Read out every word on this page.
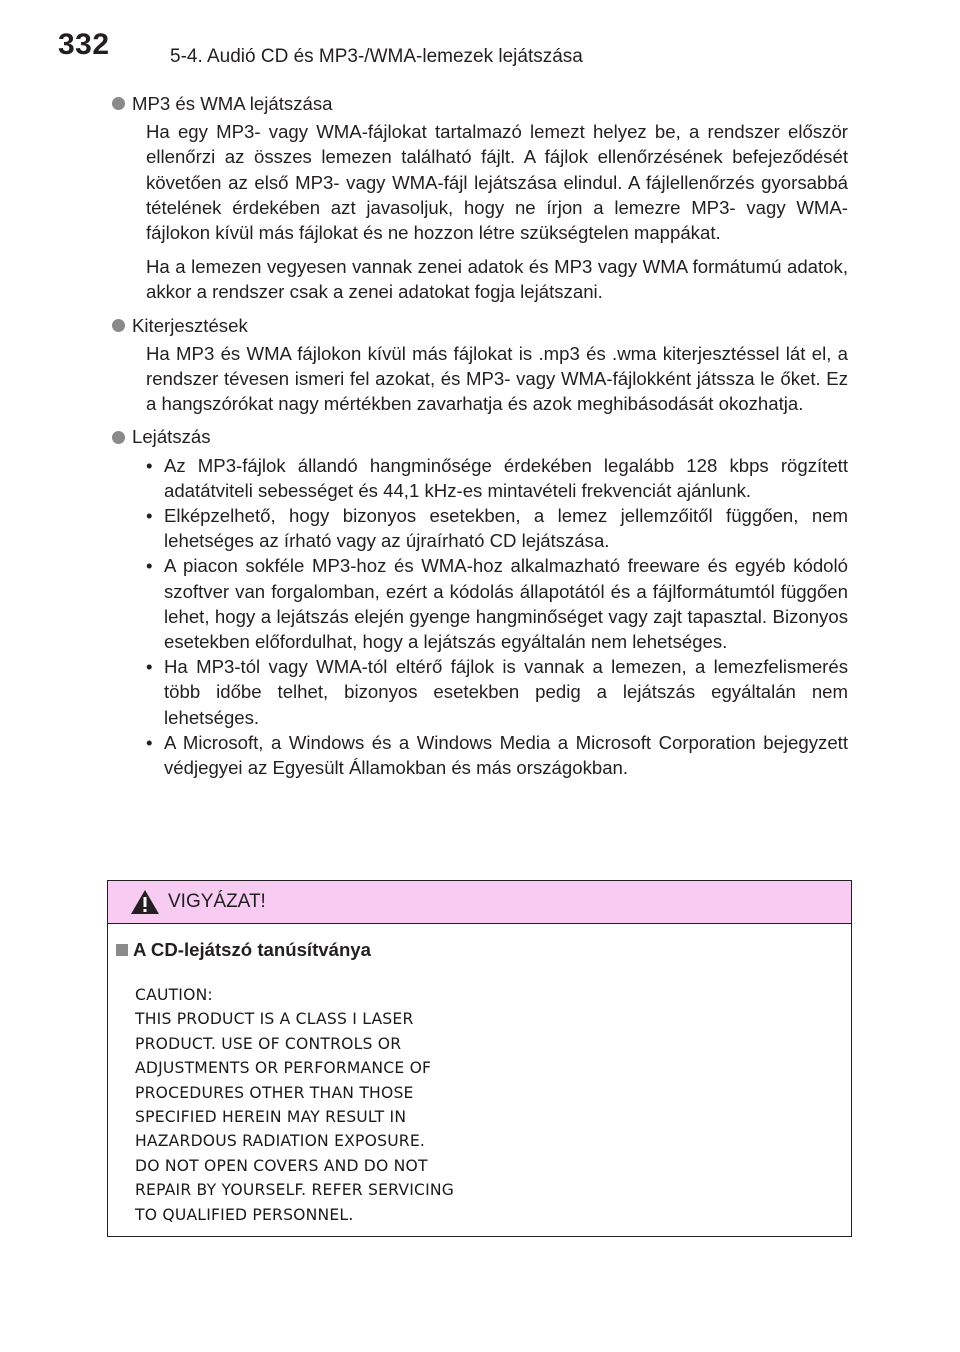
332	5-4. Audió CD és MP3-/WMA-lemezek lejátszása
MP3 és WMA lejátszása

Ha egy MP3- vagy WMA-fájlokat tartalmazó lemezt helyez be, a rendszer először ellenőrzi az összes lemezen található fájlt. A fájlok ellenőrzésének befejeződését követően az első MP3- vagy WMA-fájl lejátszása elindul. A fájlellenőrzés gyorsabbá tételének érdekében azt javasoljuk, hogy ne írjon a lemezre MP3- vagy WMA-fájlokon kívül más fájlokat és ne hozzon létre szükségtelen mappákat.

Ha a lemezen vegyesen vannak zenei adatok és MP3 vagy WMA formátumú adatok, akkor a rendszer csak a zenei adatokat fogja lejátszani.

Kiterjesztések

Ha MP3 és WMA fájlokon kívül más fájlokat is .mp3 és .wma kiterjesztéssel lát el, a rendszer tévesen ismeri fel azokat, és MP3- vagy WMA-fájlokként játssza le őket. Ez a hangszórókat nagy mértékben zavarhatja és azok meghibásodását okozhatja.

Lejátszás
• Az MP3-fájlok állandó hangminősége érdekében legalább 128 kbps rögzített adatátviteli sebességet és 44,1 kHz-es mintavételi frekvenciát ajánlunk.
• Elképzelhető, hogy bizonyos esetekben, a lemez jellemzőitől függően, nem lehetséges az írható vagy az újraírható CD lejátszása.
• A piacon sokféle MP3-hoz és WMA-hoz alkalmazható freeware és egyéb kódoló szoftver van forgalomban, ezért a kódolás állapotától és a fájlformátumtól függően lehet, hogy a lejátszás elején gyenge hangminőséget vagy zajt tapasztal. Bizonyos esetekben előfordulhat, hogy a lejátszás egyáltalán nem lehetséges.
• Ha MP3-tól vagy WMA-tól eltérő fájlok is vannak a lemezen, a lemezfelismerés több időbe telhet, bizonyos esetekben pedig a lejátszás egyáltalán nem lehetséges.
• A Microsoft, a Windows és a Windows Media a Microsoft Corporation bejegyzett védjegyei az Egyesült Államokban és más országokban.
VIGYÁZAT!
A CD-lejátszó tanúsítványa
CAUTION:
THIS PRODUCT IS A CLASS Ⅰ LASER
PRODUCT. USE OF CONTROLS OR
ADJUSTMENTS OR PERFORMANCE OF
PROCEDURES OTHER THAN THOSE
SPECIFIED HEREIN MAY RESULT IN
HAZARDOUS RADIATION EXPOSURE.
DO NOT OPEN COVERS AND DO NOT
REPAIR BY YOURSELF. REFER SERVICING
TO QUALIFIED PERSONNEL.
